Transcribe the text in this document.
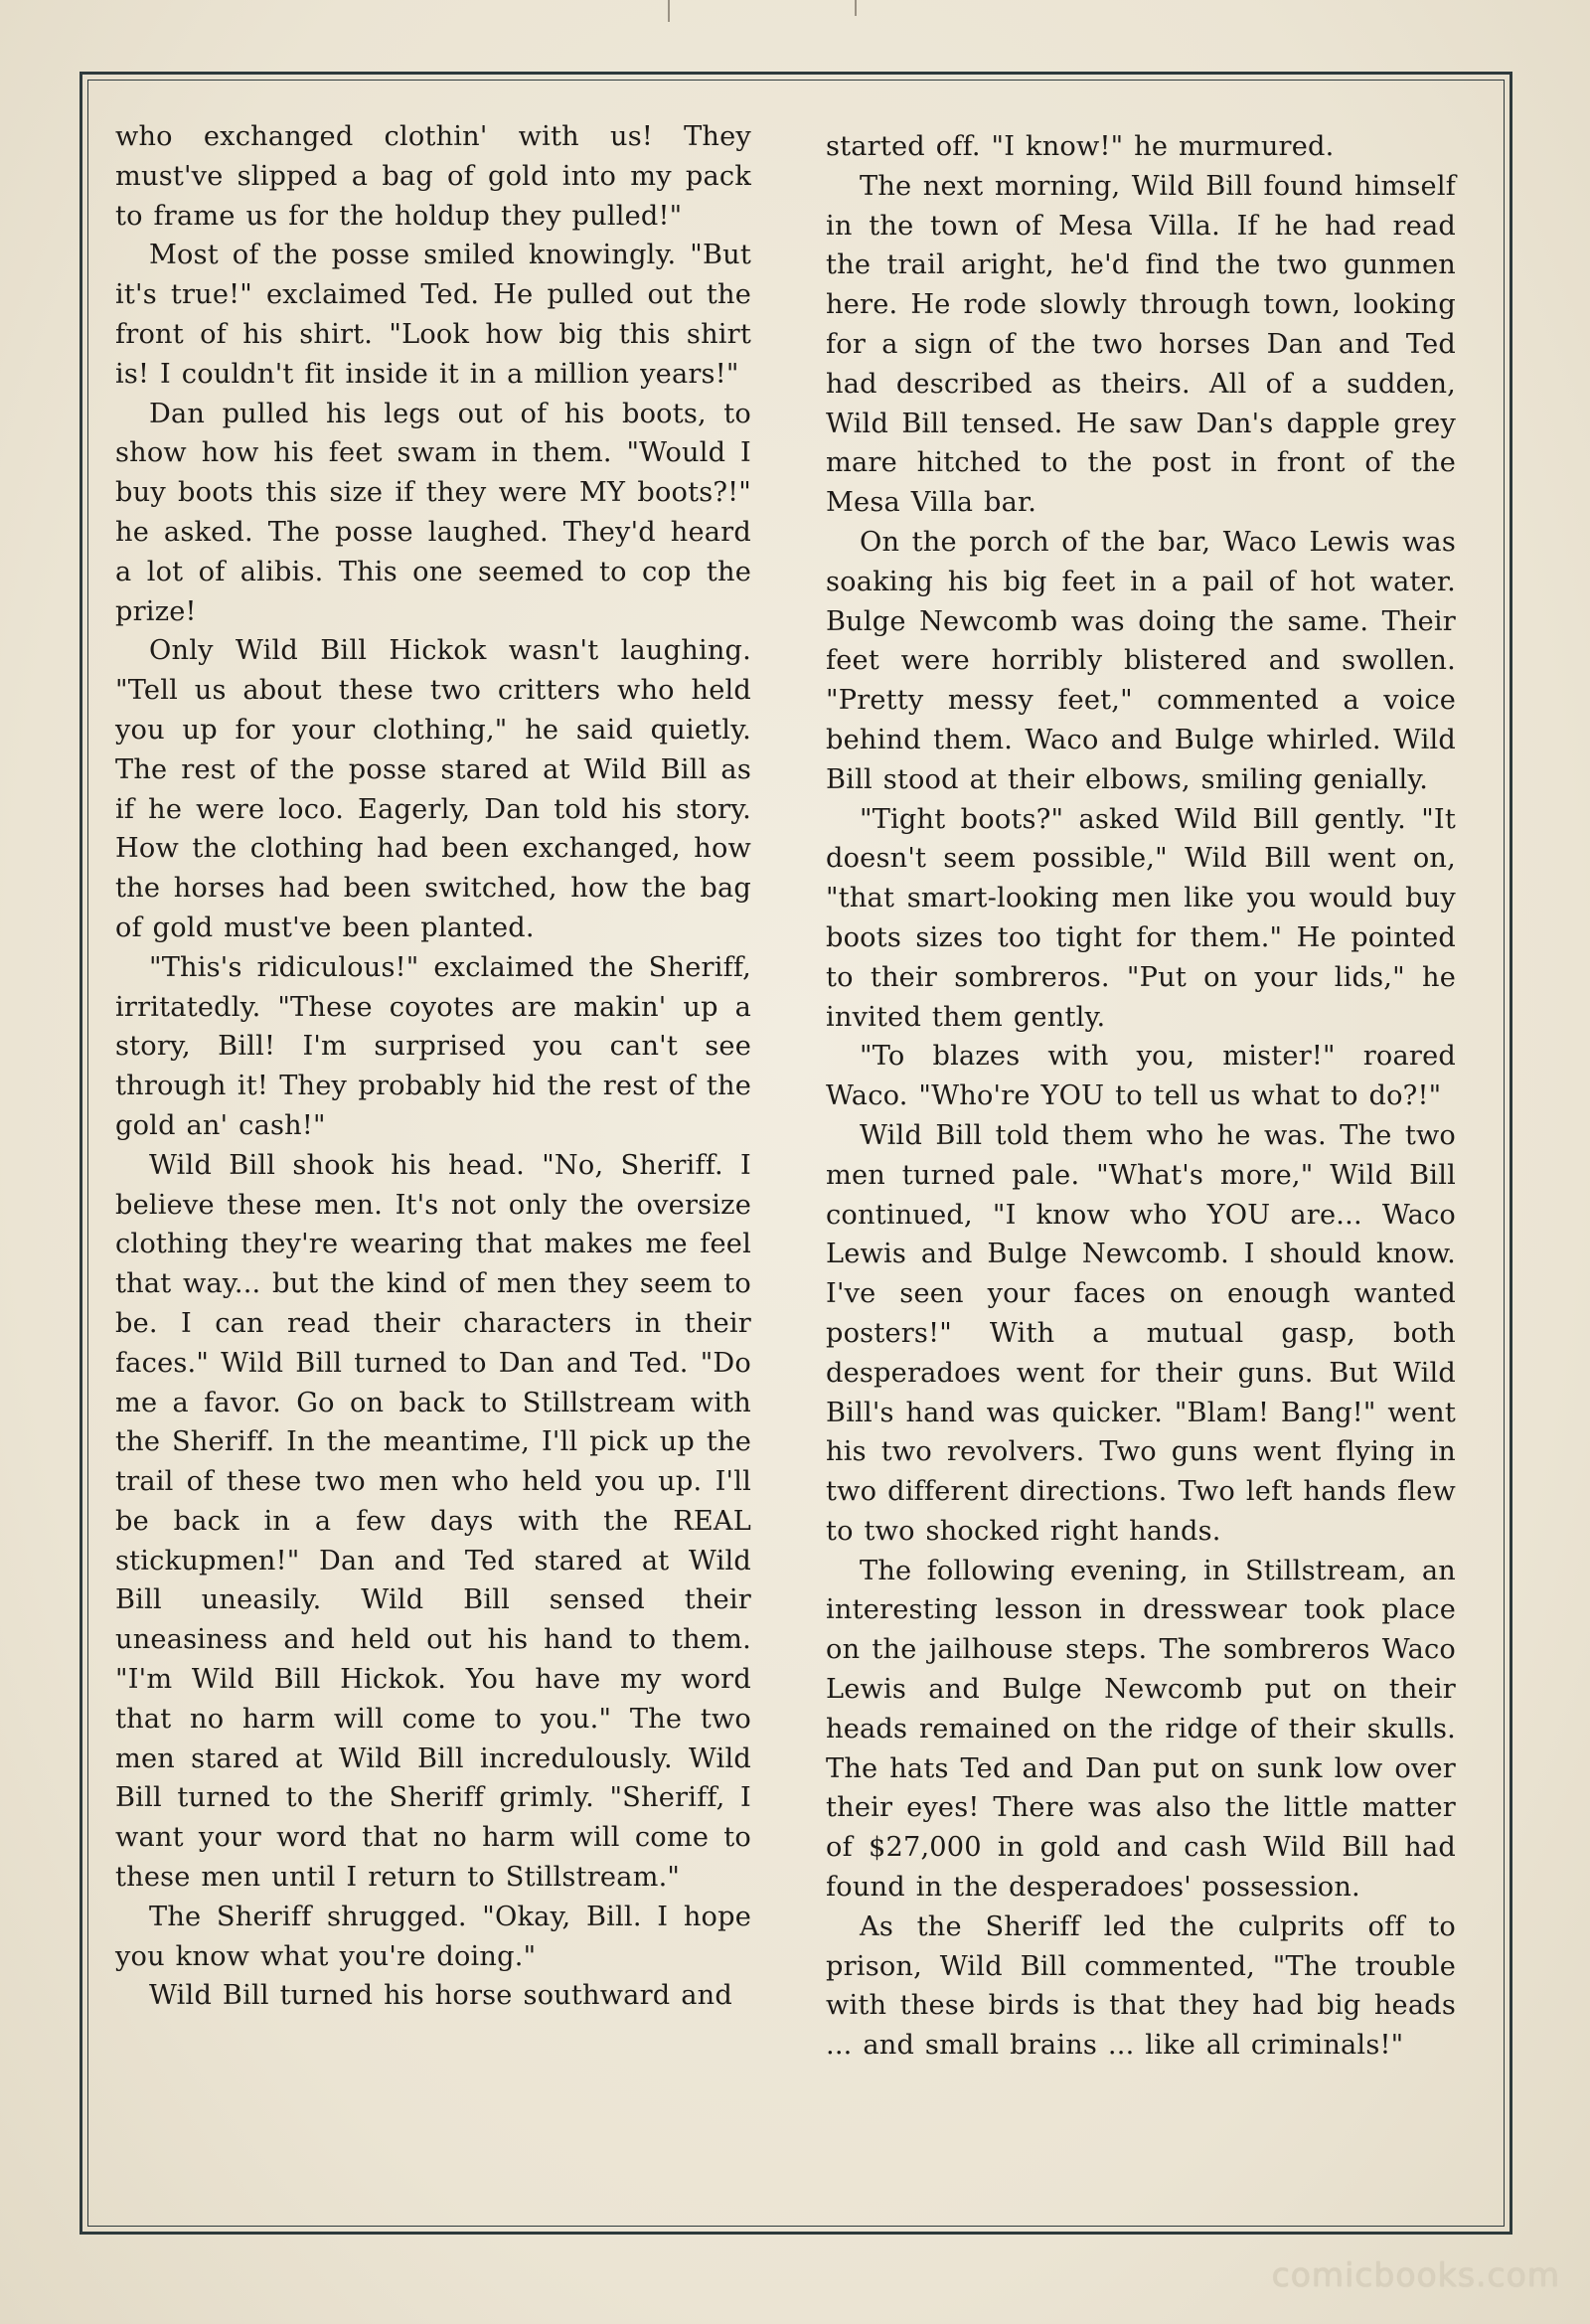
who exchanged clothin' with us! They must've slipped a bag of gold into my pack to frame us for the holdup they pulled!"

Most of the posse smiled knowingly. "But it's true!" exclaimed Ted. He pulled out the front of his shirt. "Look how big this shirt is! I couldn't fit inside it in a million years!"

Dan pulled his legs out of his boots, to show how his feet swam in them. "Would I buy boots this size if they were MY boots?!" he asked. The posse laughed. They'd heard a lot of alibis. This one seemed to cop the prize!

Only Wild Bill Hickok wasn't laughing. "Tell us about these two critters who held you up for your clothing," he said quietly. The rest of the posse stared at Wild Bill as if he were loco. Eagerly, Dan told his story. How the clothing had been exchanged, how the horses had been switched, how the bag of gold must've been planted.

"This's ridiculous!" exclaimed the Sheriff, irritatedly. "These coyotes are makin' up a story, Bill! I'm surprised you can't see through it! They probably hid the rest of the gold an' cash!"

Wild Bill shook his head. "No, Sheriff. I believe these men. It's not only the oversize clothing they're wearing that makes me feel that way... but the kind of men they seem to be. I can read their characters in their faces." Wild Bill turned to Dan and Ted. "Do me a favor. Go on back to Stillstream with the Sheriff. In the meantime, I'll pick up the trail of these two men who held you up. I'll be back in a few days with the REAL stickupmen!" Dan and Ted stared at Wild Bill uneasily. Wild Bill sensed their uneasiness and held out his hand to them. "I'm Wild Bill Hickok. You have my word that no harm will come to you." The two men stared at Wild Bill incredulously. Wild Bill turned to the Sheriff grimly. "Sheriff, I want your word that no harm will come to these men until I return to Stillstream."

The Sheriff shrugged. "Okay, Bill. I hope you know what you're doing."

Wild Bill turned his horse southward and

started off. "I know!" he murmured.

The next morning, Wild Bill found himself in the town of Mesa Villa. If he had read the trail aright, he'd find the two gunmen here. He rode slowly through town, looking for a sign of the two horses Dan and Ted had described as theirs. All of a sudden, Wild Bill tensed. He saw Dan's dapple grey mare hitched to the post in front of the Mesa Villa bar.

On the porch of the bar, Waco Lewis was soaking his big feet in a pail of hot water. Bulge Newcomb was doing the same. Their feet were horribly blistered and swollen. "Pretty messy feet," commented a voice behind them. Waco and Bulge whirled. Wild Bill stood at their elbows, smiling genially.

"Tight boots?" asked Wild Bill gently. "It doesn't seem possible," Wild Bill went on, "that smart-looking men like you would buy boots sizes too tight for them." He pointed to their sombreros. "Put on your lids," he invited them gently.

"To blazes with you, mister!" roared Waco. "Who're YOU to tell us what to do?!"

Wild Bill told them who he was. The two men turned pale. "What's more," Wild Bill continued, "I know who YOU are... Waco Lewis and Bulge Newcomb. I should know. I've seen your faces on enough wanted posters!" With a mutual gasp, both desperadoes went for their guns. But Wild Bill's hand was quicker. "Blam! Bang!" went his two revolvers. Two guns went flying in two different directions. Two left hands flew to two shocked right hands.

The following evening, in Stillstream, an interesting lesson in dresswear took place on the jailhouse steps. The sombreros Waco Lewis and Bulge Newcomb put on their heads remained on the ridge of their skulls. The hats Ted and Dan put on sunk low over their eyes! There was also the little matter of $27,000 in gold and cash Wild Bill had found in the desperadoes' possession.

As the Sheriff led the culprits off to prison, Wild Bill commented, "The trouble with these birds is that they had big heads ... and small brains ... like all criminals!"

comicbooks.com
